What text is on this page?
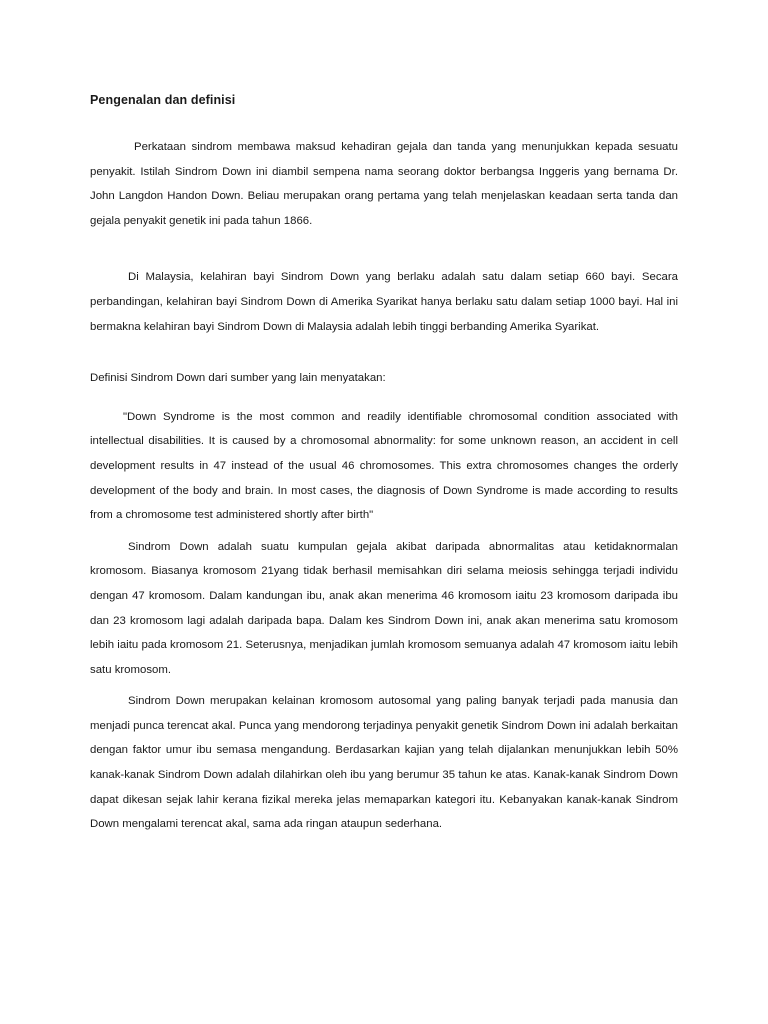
Pengenalan dan definisi

Perkataan sindrom membawa maksud kehadiran gejala dan tanda yang menunjukkan kepada sesuatu penyakit. Istilah Sindrom Down ini diambil sempena nama seorang doktor berbangsa Inggeris yang bernama Dr. John Langdon Handon Down. Beliau merupakan orang pertama yang telah menjelaskan keadaan serta tanda dan gejala penyakit genetik ini pada tahun 1866.

Di Malaysia, kelahiran bayi Sindrom Down yang berlaku adalah satu dalam setiap 660 bayi. Secara perbandingan, kelahiran bayi Sindrom Down di Amerika Syarikat hanya berlaku satu dalam setiap 1000 bayi. Hal ini bermakna kelahiran bayi Sindrom Down di Malaysia adalah lebih tinggi berbanding Amerika Syarikat.

Definisi Sindrom Down dari sumber yang lain menyatakan:

"Down Syndrome is the most common and readily identifiable chromosomal condition associated with intellectual disabilities. It is caused by a chromosomal abnormality: for some unknown reason, an accident in cell development results in 47 instead of the usual 46 chromosomes. This extra chromosomes changes the orderly development of the body and brain. In most cases, the diagnosis of Down Syndrome is made according to results from a chromosome test administered shortly after birth"

Sindrom Down adalah suatu kumpulan gejala akibat daripada abnormalitas atau ketidaknormalan kromosom. Biasanya kromosom 21yang tidak berhasil memisahkan diri selama meiosis sehingga terjadi individu dengan 47 kromosom. Dalam kandungan ibu, anak akan menerima 46 kromosom iaitu 23 kromosom daripada ibu dan 23 kromosom lagi adalah daripada bapa. Dalam kes Sindrom Down ini, anak akan menerima satu kromosom lebih iaitu pada kromosom 21. Seterusnya, menjadikan jumlah kromosom semuanya adalah 47 kromosom iaitu lebih satu kromosom.

Sindrom Down merupakan kelainan kromosom autosomal yang paling banyak terjadi pada manusia dan menjadi punca terencat akal. Punca yang mendorong terjadinya penyakit genetik Sindrom Down ini adalah berkaitan dengan faktor umur ibu semasa mengandung. Berdasarkan kajian yang telah dijalankan menunjukkan lebih 50% kanak-kanak Sindrom Down adalah dilahirkan oleh ibu yang berumur 35 tahun ke atas. Kanak-kanak Sindrom Down dapat dikesan sejak lahir kerana fizikal mereka jelas memaparkan kategori itu. Kebanyakan kanak-kanak Sindrom Down mengalami terencat akal, sama ada ringan ataupun sederhana.
